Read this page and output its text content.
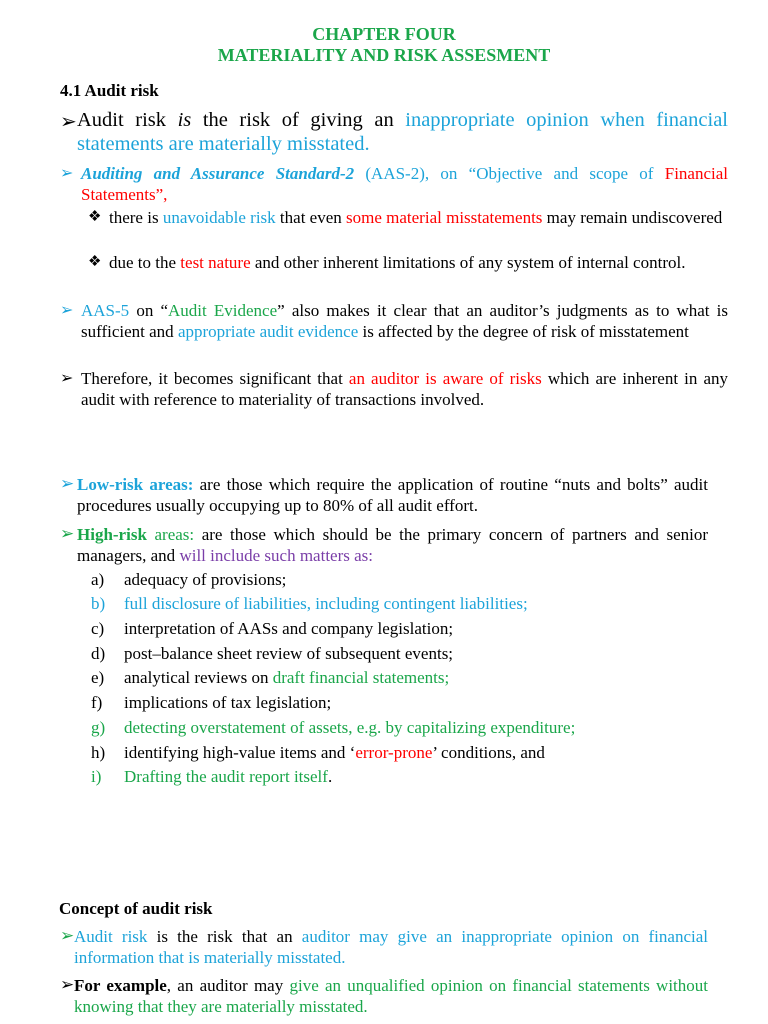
CHAPTER FOUR
MATERIALITY AND RISK ASSESMENT
4.1 Audit risk
➢ Audit risk is the risk of giving an inappropriate opinion when financial statements are materially misstated.
➢ Auditing and Assurance Standard-2 (AAS-2), on “Objective and scope of Financial Statements”,
❖ there is unavoidable risk that even some material misstatements may remain undiscovered
❖ due to the test nature and other inherent limitations of any system of internal control.
➢ AAS-5 on “Audit Evidence” also makes it clear that an auditor’s judgments as to what is sufficient and appropriate audit evidence is affected by the degree of risk of misstatement
➢ Therefore, it becomes significant that an auditor is aware of risks which are inherent in any audit with reference to materiality of transactions involved.
➢ Low-risk areas: are those which require the application of routine “nuts and bolts” audit procedures usually occupying up to 80% of all audit effort.
➢ High-risk areas: are those which should be the primary concern of partners and senior managers, and will include such matters as:
a) adequacy of provisions;
b) full disclosure of liabilities, including contingent liabilities;
c) interpretation of AASs and company legislation;
d) post–balance sheet review of subsequent events;
e) analytical reviews on draft financial statements;
f) implications of tax legislation;
g) detecting overstatement of assets, e.g. by capitalizing expenditure;
h) identifying high-value items and ‘error-prone’ conditions, and
i) Drafting the audit report itself.
Concept of audit risk
➢ Audit risk is the risk that an auditor may give an inappropriate opinion on financial information that is materially misstated.
➢ For example, an auditor may give an unqualified opinion on financial statements without knowing that they are materially misstated.
